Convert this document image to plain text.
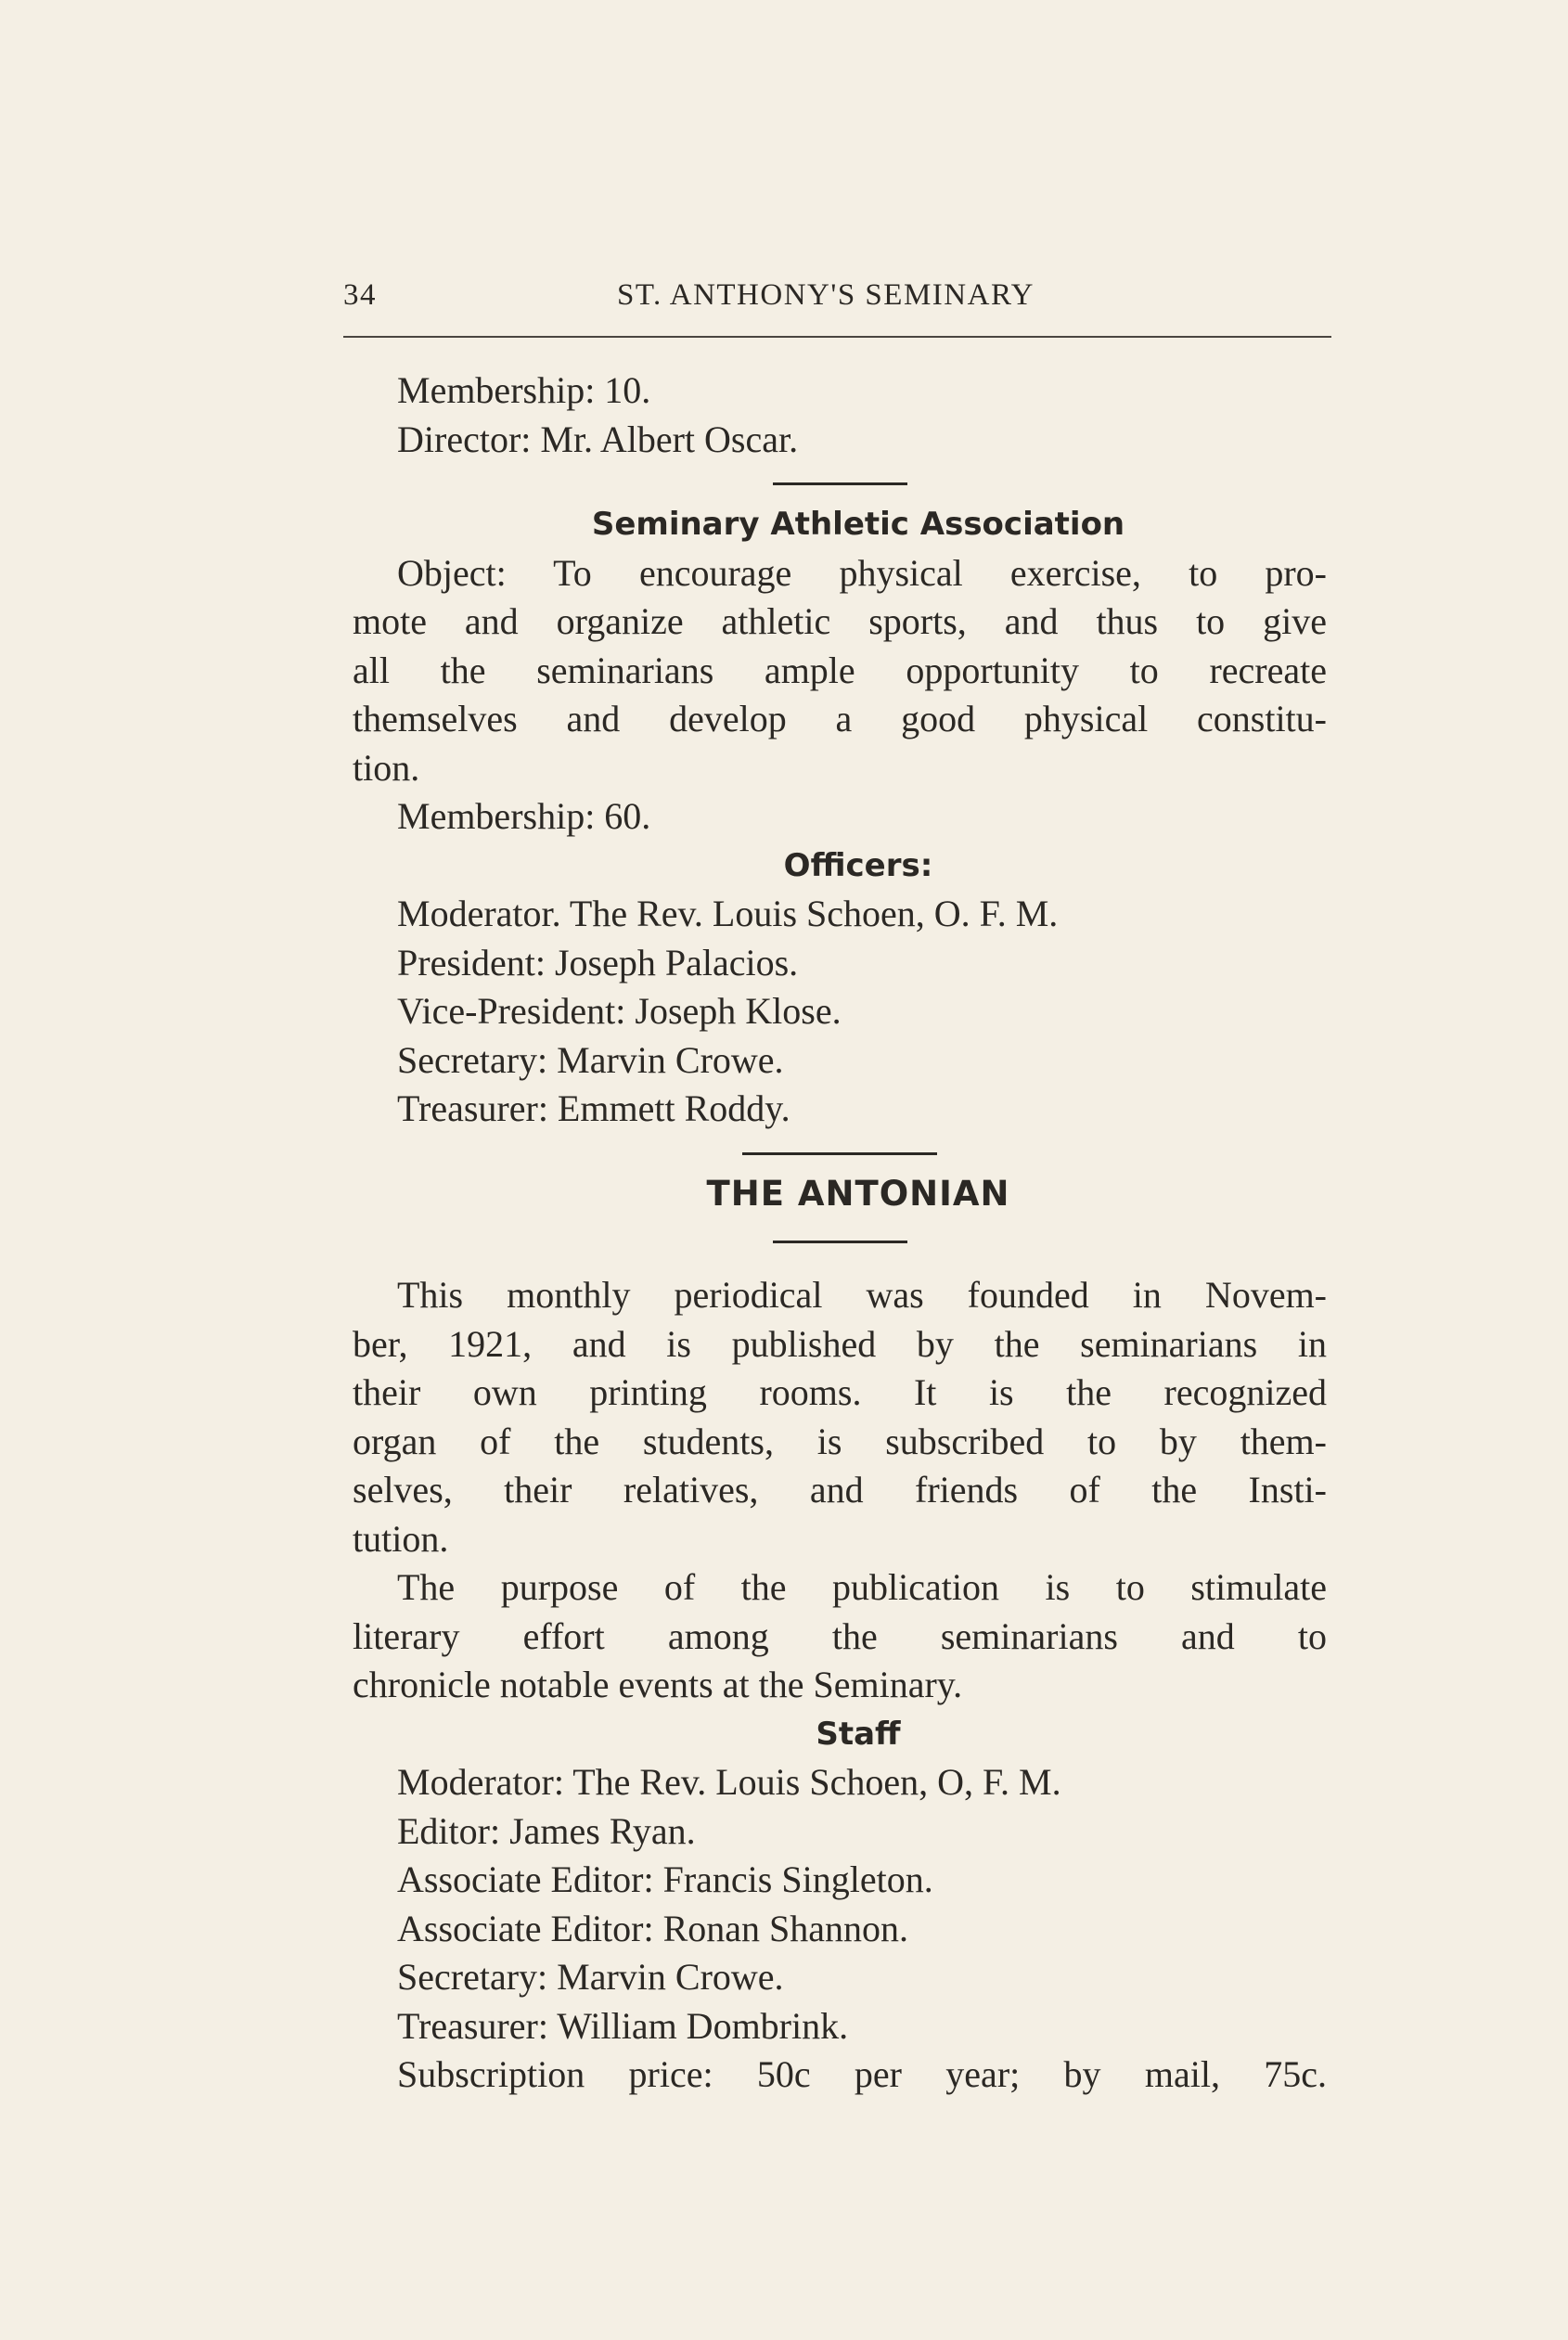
34	ST. ANTHONY'S SEMINARY
Membership: 10.
Director: Mr. Albert Oscar.
Seminary Athletic Association
Object: To encourage physical exercise, to pro-
mote and organize athletic sports, and thus to give
all the seminarians ample opportunity to recreate
themselves and develop a good physical constitu-
tion.
Membership: 60.
Officers:
Moderator. The Rev. Louis Schoen, O. F. M.
President: Joseph Palacios.
Vice-President: Joseph Klose.
Secretary: Marvin Crowe.
Treasurer: Emmett Roddy.
THE ANTONIAN
This monthly periodical was founded in Novem-
ber, 1921, and is published by the seminarians in
their own printing rooms. It is the recognized
organ of the students, is subscribed to by them-
selves, their relatives, and friends of the Insti-
tution.
The purpose of the publication is to stimulate
literary effort among the seminarians and to
chronicle notable events at the Seminary.
Staff
Moderator: The Rev. Louis Schoen, O, F. M.
Editor: James Ryan.
Associate Editor: Francis Singleton.
Associate Editor: Ronan Shannon.
Secretary: Marvin Crowe.
Treasurer: William Dombrink.
Subscription price: 50c per year; by mail, 75c.
